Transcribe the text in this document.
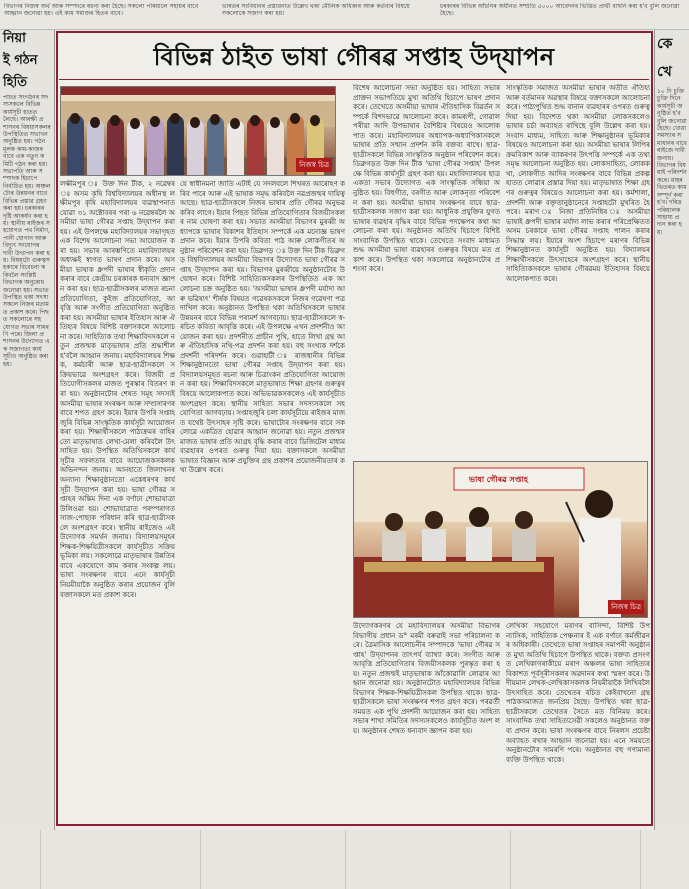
বিভাগৰ নিজস্ব অৰ্থ আৰু সম্পদৰে ৰচনা কৰা হৈছে। সকলো পৰিয়ালে সহায়ৰ বাবে আহ্বান জনোৱা হয়। এই কাম সমাজৰ হিতৰ বাবে।
ভাৰতৰ সংবিধানৰ প্ৰস্তাৱনাত উল্লেখ থকা মৌলিক অধিকাৰ আৰু কৰ্তব্যৰ বিষয়ে সকলোকে সজাগ কৰা হয়।
চৰকাৰৰ বিভিন্ন আঁচনিৰ অধীনত সম্প্ৰতি ৫০০০ আবেদনৰ ভিত্তিত প্ৰাৰ্থী বাছনি কৰা হ'ব বুলি জনোৱা হৈছে।
নিয়া
ই গঠন
হিতি
পাচত সংগঠনৰ সদস্যসকলে বিভিন্ন কাৰ্যসূচী হাতত লৈছে। আৰক্ষী প্ৰশাসনৰ বিষয়াসকলৰ উপস্থিতিত সভাখন অনুষ্ঠিত হয়। গঠনমূলক কাম-কাজৰ বাবে এক নতুন কমিটি গঠন কৰা হয়। সভাপতি আৰু সম্পাদক হিচাপে নিৰ্বাচিত হয়। অঞ্চলটোৰ উন্নয়নৰ বাবে বিভিন্ন প্ৰস্তাৱ গ্ৰহণ কৰা হয়। চৰকাৰৰ দৃষ্টি আকৰ্ষণ কৰা হয়। স্থানীয় ৰাইজৰ সহযোগত পথ নিৰ্মাণ, পানী যোগান আৰু বিদ্যুৎ সংযোগৰ দাবী উত্থাপন কৰা হয়। বিষয়টো গুৰুত্বসহকাৰে বিবেচনা কৰিবলৈ সংশ্লিষ্ট বিভাগক অনুৰোধ জনোৱা হয়। সভাত উপস্থিত থকা সদস্যসকলে নিজৰ মতামত প্ৰকাশ কৰে। পিছত সকলোৰে সহযোগত সভাৰ সামৰণি পৰে। জিলা প্ৰশাসনৰ উদ্যোগত এক সজাগতা কাৰ্যসূচীও অনুষ্ঠিত কৰা হয়।
কে
খে
১০ দি চুক্তি চুক্তি দিনে কাৰ্যসূচী অনুষ্ঠিত হ'ব বুলি জনোৱা হৈছে। খোৱা সমস্যাৰ সমাধানৰ বাবে ৰাইজে দাবী জনায়। বিভাগৰ বিষয়াই পৰিদৰ্শন কৰে। মাহৰ ভিতৰত কাম সম্পূৰ্ণ কৰা হ'ব। দৰিদ্ৰ পৰিয়ালক সাহায্য প্ৰদান কৰা হয়।
বিভিন্ন ঠাইত ভাষা গৌৰৱ সপ্তাহ উদ্‌যাপন
নিজস্ব চিত্ৰ

লক্ষীমপুৰ ঃ উক্ত দিন টীক, ২ নৱেম্বৰ ঃ অসম কৃষি বিশ্ববিদ্যালয়ৰ অধীনস্থ লক্ষীমপুৰ কৃষি মহাবিদ্যালয়ৰ ব্যৱস্থাপনাত যোৱা ৩১ অক্টোবৰৰ পৰা ৬ নৱেম্বৰলৈ অসমীয়া ভাষা গৌৰৱ সপ্তাহ উদ্‌যাপন কৰা হয়। এই উপলক্ষে মহাবিদ্যালয়ৰ সভাগৃহত এক বিশেষ আলোচনা সভা আয়োজন কৰা হয়। সভাৰ আৰম্ভণিতে মহাবিদ্যালয়ৰ অধ্যক্ষই স্বাগত ভাষণ প্ৰদান কৰে। অসমীয়া ভাষাক ধ্ৰুপদী ভাষাৰ স্বীকৃতি প্ৰদান কৰাৰ বাবে কেন্দ্ৰীয় চৰকাৰক ধন্যবাদ জ্ঞাপন কৰা হয়। ছাত্ৰ-ছাত্ৰীসকলৰ মাজত ৰচনা প্ৰতিযোগিতা, কুইজ প্ৰতিযোগিতা, আবৃত্তি আৰু সংগীত প্ৰতিযোগিতা অনুষ্ঠিত কৰা হয়। অসমীয়া ভাষাৰ ইতিহাস আৰু ঐতিহ্যৰ বিষয়ে বিশিষ্ট বক্তাসকলে আলোচনা কৰে। সাহিত্যিক তথা শিক্ষাবিদসকলে নতুন প্ৰজন্মক মাতৃভাষাৰ প্ৰতি শ্ৰদ্ধাশীল হ'বলৈ আহ্বান জনায়। মহাবিদ্যালয়ৰ শিক্ষক, কৰ্মচাৰী আৰু ছাত্ৰ-ছাত্ৰীসকলে সক্ৰিয়ভাৱে অংশগ্ৰহণ কৰে। বিজয়ী প্ৰতিযোগীসকলৰ মাজত পুৰস্কাৰ বিতৰণ কৰা হয়। অনুষ্ঠানটোৰ শেষত সমূহ সদস্যই অসমীয়া ভাষাৰ সংৰক্ষণ আৰু সম্প্ৰসাৰণৰ বাবে শপত গ্ৰহণ কৰে। ইয়াৰ উপৰি সপ্তাহজুৰি বিভিন্ন সাংস্কৃতিক কাৰ্যসূচী আয়োজন কৰা হয়। শিক্ষাৰ্থীসকলে পাঠ্যক্ৰমৰ বাহিৰতো মাতৃভাষাত লেখা-মেলা কৰিবলৈ উৎসাহিত হয়। উপস্থিত অতিথিসকলে কাৰ্যসূচীৰ সফলতাৰ বাবে আয়োজকসকলক অভিনন্দন জনায়। আনহাতে জিলাখনৰ অন্যান্য শিক্ষানুষ্ঠানতো একেধৰণৰ কাৰ্যসূচী উদ্‌যাপন কৰা হয়। ভাষা গৌৰৱ সপ্তাহৰ অন্তিম দিনা এক বৰ্ণাঢ্য শোভাযাত্ৰা উলিওৱা হয়। শোভাযাত্ৰাত পৰম্পৰাগত সাজ-পোছাক পৰিধান কৰি ছাত্ৰ-ছাত্ৰীসকলে অংশগ্ৰহণ কৰে। স্থানীয় ৰাইজেও এই উদ্যোগক সমৰ্থন জনায়। বিদ্যালয়সমূহৰ শিক্ষক-শিক্ষয়িত্ৰীসকলে কাৰ্যসূচীত সক্ৰিয় ভূমিকা লয়। সকলোৱে মাতৃভাষাৰ উন্নতিৰ বাবে একযোগে কাম কৰাৰ সংকল্প লয়। ভাষা সংৰক্ষণৰ বাবে এনে কাৰ্যসূচী নিয়মীয়াকৈ অনুষ্ঠিত কৰাৰ প্ৰয়োজন বুলি বক্তাসকলে মত প্ৰকাশ কৰে।

যে স্বাধীনমনা জাতি এটাই যে সদলবলে শিখৰত আৰোহণ কৰিব পাৰে আৰু এই ভাষাক সমৃদ্ধ কৰিবলৈ নৱপ্ৰজন্মৰ দায়িত্ব আছে। ছাত্ৰ-ছাত্ৰীসকলে নিজৰ ভাষাৰ প্ৰতি গৌৰৱ অনুভৱ কৰিব লাগে। ইয়াৰ পিছত বিভিন্ন প্ৰতিযোগিতাৰ বিজয়ীসকলৰ নাম ঘোষণা কৰা হয়। সভাত অসমীয়া বিভাগৰ মুৰব্বী অধ্যাপকে ভাষাৰ বিকাশৰ ইতিহাস সম্পৰ্কে এক মনোজ্ঞ ভাষণ প্ৰদান কৰে। ইয়াৰ উপৰি কবিতা পাঠ আৰু লোকগীতৰ অনুষ্ঠান পৰিবেশন কৰা হয়। ডিব্ৰুগড় ঃ উক্ত দিন টীক ডিব্ৰুগড় বিশ্ববিদ্যালয়ৰ অসমীয়া বিভাগৰ উদ্যোগত ভাষা গৌৰৱ সপ্তাহ উদ্‌যাপন কৰা হয়। বিভাগৰ মুৰব্বীয়ে অনুষ্ঠানটোৰ উদ্বোধন কৰে। বিশিষ্ট সাহিত্যিকসকলৰ উপস্থিতিত এক আলোচনা চক্ৰ অনুষ্ঠিত হয়। 'অসমীয়া ভাষাৰ ধ্ৰুপদী মৰ্যাদা আৰু ভৱিষ্যৎ' শীৰ্ষক বিষয়ত গৱেষকসকলে নিজৰ গৱেষণা পত্ৰ দাখিল কৰে। অনুষ্ঠানত উপস্থিত থকা অতিথিসকলে ভাষাৰ উন্নয়নৰ বাবে বিভিন্ন পৰামৰ্শ আগবঢ়ায়। ছাত্ৰ-ছাত্ৰীসকলে স্ব-ৰচিত কবিতা আবৃত্তি কৰে। এই উপলক্ষে এখন প্ৰদৰ্শনীও আয়োজন কৰা হয়। প্ৰদৰ্শনীত প্ৰাচীন পুথি, হাতে লিখা গ্ৰন্থ আৰু ঐতিহাসিক নথি-পত্ৰ প্ৰদৰ্শন কৰা হয়। বহু সংখ্যক দৰ্শকে প্ৰদৰ্শনী পৰিদৰ্শন কৰে। গুৱাহাটী ঃ ৰাজধানীৰ বিভিন্ন শিক্ষানুষ্ঠানতো ভাষা গৌৰৱ সপ্তাহ উদ্‌যাপন কৰা হয়। বিদ্যালয়সমূহত ৰচনা আৰু চিত্ৰাংকন প্ৰতিযোগিতা আয়োজন কৰা হয়। শিক্ষাবিদসকলে মাতৃভাষাত শিক্ষা গ্ৰহণৰ গুৰুত্বৰ বিষয়ে আলোকপাত কৰে। অভিভাৱকসকলেও এই কাৰ্যসূচীত অংশগ্ৰহণ কৰে। স্থানীয় সাহিত্য সভাৰ সদস্যসকলে সহযোগিতা আগবঢ়ায়। সপ্তাহজুৰি চলা কাৰ্যসূচীয়ে ৰাইজৰ মাজত যথেষ্ট উৎসাহৰ সৃষ্টি কৰে। ভাষাটোৰ সংৰক্ষণৰ বাবে সকলোৱে একত্ৰিত হোৱাৰ আহ্বান জনোৱা হয়। নতুন প্ৰজন্মৰ মাজত ভাষাৰ প্ৰতি আগ্ৰহ বৃদ্ধি কৰাৰ বাবে ডিজিটেল মাধ্যম ব্যৱহাৰৰ ওপৰত গুৰুত্ব দিয়া হয়। বক্তাসকলে অসমীয়া ভাষাত বিজ্ঞান আৰু প্ৰযুক্তিৰ গ্ৰন্থ প্ৰকাশৰ প্ৰয়োজনীয়তাৰ কথা উল্লেখ কৰে।

বিশেষ আলোচনা সভা অনুষ্ঠিত হয়। সাহিত্য সভাৰ প্ৰাক্তন সভাপতিয়ে মুখ্য অতিথি হিচাপে ভাষণ প্ৰদান কৰে। তেখেতে অসমীয়া ভাষাৰ ঐতিহাসিক বিৱৰ্তন সম্পৰ্কে বিশদভাৱে আলোচনা কৰে। কামৰূপী, গোৱালপৰীয়া আদি উপভাষাৰ বৈশিষ্ট্যৰ বিষয়েও আলোকপাত কৰে। মহাবিদ্যালয়ৰ অধ্যাপক-অধ্যাপিকাসকলে ভাষাৰ প্ৰতি সন্মান প্ৰদৰ্শন কৰি বক্তব্য ৰাখে। ছাত্ৰ-ছাত্ৰীসকলে বিভিন্ন সাংস্কৃতিক অনুষ্ঠান পৰিবেশন কৰে। ডিব্ৰুগড়ত উক্ত দিন টীক 'ভাষা গৌৰৱ সপ্তাহ' উপলক্ষে বিভিন্ন কাৰ্যসূচী গ্ৰহণ কৰা হয়। মহাবিদ্যালয়ৰ ছাত্ৰ একতা সভাৰ উদ্যোগত এক সাংস্কৃতিক সন্ধিয়া অনুষ্ঠিত হয়। বিহুগীত, বৰগীত আৰু লোকনৃত্য পৰিবেশন কৰা হয়। অসমীয়া ভাষাৰ সংৰক্ষণৰ বাবে ছাত্ৰ-ছাত্ৰীসকলক সজাগ কৰা হয়। আধুনিক প্ৰযুক্তিৰ যুগত ভাষাৰ ব্যৱহাৰ বৃদ্ধিৰ বাবে বিভিন্ন পদক্ষেপৰ কথা আলোচনা কৰা হয়। অনুষ্ঠানত অতিথি হিচাপে বিশিষ্ট সাংবাদিক উপস্থিত থাকে। তেখেতে সংবাদ মাধ্যমত শুদ্ধ অসমীয়া ভাষা ব্যৱহাৰৰ গুৰুত্বৰ বিষয়ে মত প্ৰকাশ কৰে। উপস্থিত থকা সকলোৱে অনুষ্ঠানটোৰ প্ৰশংসা কৰে।

সাংস্কৃতিক সমাজত অসমীয়া ভাষাৰ অতীত ঐতিহ্য আৰু বৰ্তমানৰ অৱস্থাৰ বিষয়ে বক্তাসকলে আলোচনা কৰে। পাঠ্যপুথিত শুদ্ধ বানান ব্যৱহাৰৰ ওপৰত গুৰুত্ব দিয়া হয়। বিদেশত থকা অসমীয়া লোকসকলেও ভাষাৰ চৰ্চা অব্যাহত ৰাখিছে বুলি উল্লেখ কৰা হয়। সংবাদ মাধ্যম, সাহিত্য আৰু শিক্ষানুষ্ঠানৰ ভূমিকাৰ বিষয়েও আলোচনা কৰা হয়। অসমীয়া ভাষাৰ লিপিৰ ক্ৰমবিকাশ আৰু ব্যাকৰণৰ উৎপত্তি সম্পৰ্কে এক তথ্যসমৃদ্ধ আলোচনা অনুষ্ঠিত হয়। লোকসাহিত্য, লোককথা, লোকগীত আদিৰ সংৰক্ষণৰ বাবে বিভিন্ন প্ৰকল্প হাতত লোৱাৰ প্ৰস্তাৱ দিয়া হয়। মাতৃভাষাত শিক্ষা গ্ৰহণৰ গুৰুত্বৰ বিষয়েও আলোচনা কৰা হয়। কৰ্মশালা, প্ৰদৰ্শনী আৰু বক্তৃতানুষ্ঠানেৰে সপ্তাহটো মুখৰিত হৈ পৰে। মৰাণ ঃ নিজা প্ৰতিনিধিৰ ঃ অসমীয়া ভাষাই ধ্ৰুপদী ভাষাৰ মৰ্যাদা লাভ কৰাৰ পৰিপ্ৰেক্ষিতত অসম চৰকাৰে ভাষা গৌৰৱ সপ্তাহ পালন কৰাৰ সিদ্ধান্ত লয়। ইয়াৰে অংশ হিচাপে মৰাণৰ বিভিন্ন শিক্ষানুষ্ঠানত কাৰ্যসূচী অনুষ্ঠিত হয়। বিদ্যালয়ৰ শিক্ষাৰ্থীসকলে উৎসাহেৰে অংশগ্ৰহণ কৰে। স্থানীয় সাহিত্যিকসকলে ভাষাৰ গৌৰৱময় ইতিহাসৰ বিষয়ে আলোকপাত কৰে।

ভাষা গৌৰৱ সপ্তাহ
নিজস্ব চিত্ৰ

উদ্যোগকৰণৰ যে মহাবিদ্যালয়ৰ অসমীয়া বিভাগৰ বিভাগীয় প্ৰধান ড° মৰমী বৰুৱাই সভা পৰিচালনা কৰে। ত্ৰৈমাসিক আলোচনীৰ সম্পাদকে 'ভাষা গৌৰৱ সপ্তাহ' উদ্‌যাপনৰ তাৎপৰ্য ব্যাখ্যা কৰে। সংগীত আৰু আবৃত্তি প্ৰতিযোগিতাৰ বিজয়ীসকলক পুৰস্কৃত কৰা হয়। নতুন প্ৰজন্মই মাতৃভাষাক আঁকোৱালি লোৱাৰ আহ্বান জনোৱা হয়। অনুষ্ঠানটোত মহাবিদ্যালয়ৰ বিভিন্ন বিভাগৰ শিক্ষক-শিক্ষয়িত্ৰীসকল উপস্থিত থাকে। ছাত্ৰ-ছাত্ৰীসকলে ভাষা সংৰক্ষণৰ শপত গ্ৰহণ কৰে। পৰৱৰ্তী সময়ত এক পুথি প্ৰদৰ্শনী আয়োজন কৰা হয়। সাহিত্য সভাৰ শাখা সমিতিৰ সদস্যসকলেও কাৰ্যসূচীত অংশ লয়। অনুষ্ঠানৰ শেষত ধন্যবাদ জ্ঞাপন কৰা হয়।

লেখিকা সহযোগে মৰাণৰ বাসিন্দা, বিশিষ্ট উপন্যাসিক, সাহিত্যিক পেঞ্চনাৰ ই এক বৰ্ণাঢ্য কৰ্মজীৱনৰ অধিকাৰী। তেখেতে ভাষা সপ্তাহৰ সমাপনী অনুষ্ঠানত মুখ্য অতিথি হিচাপে উপস্থিত থাকে। বক্তব্য প্ৰসংগত লেখিকাগৰাকীয়ে মৰাণ অঞ্চলৰ ভাষা সাহিত্যৰ বিকাশত পূৰ্বসূৰীসকলৰ অৱদানৰ কথা স্মৰণ কৰে। উদীয়মান লেখক-লেখিকাসকলক নিয়মীয়াকৈ লিখিবলৈ উৎসাহিত কৰে। তেখেতৰ ৰচিত কেইবাখনো গ্ৰন্থ পাঠকসমাজত জনপ্ৰিয় হৈছে। উপস্থিত থকা ছাত্ৰ-ছাত্ৰীসকলে তেখেতৰ সৈতে মত বিনিময় কৰে। সাংবাদিক তথা সাহিত্যসেৱী সকলেও অনুষ্ঠানত বক্তব্য প্ৰদান কৰে। ভাষা সংৰক্ষণৰ বাবে নিৰলস প্ৰচেষ্টা অব্যাহত ৰখাৰ আহ্বান জনোৱা হয়। এনে সময়তে অনুষ্ঠানটোৰ সামৰণি পৰে। অনুষ্ঠানত বহু গণ্যমান্য ব্যক্তি উপস্থিত থাকে।
